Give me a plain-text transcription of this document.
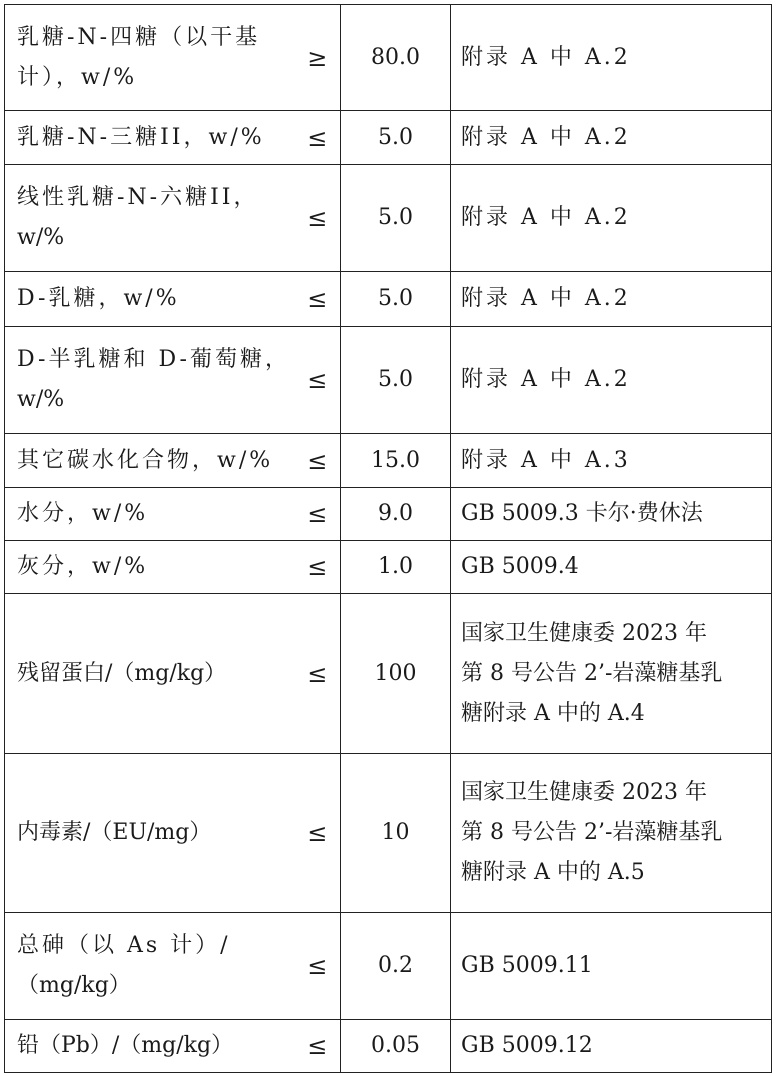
乳糖-N-四糖（以干基
计），w/%	≥	80.0	附录 A 中 A.2
乳糖-N-三糖II，w/%	≤	5.0	附录 A 中 A.2
线性乳糖-N-六糖II，
w/%	≤	5.0	附录 A 中 A.2
D-乳糖，w/%	≤	5.0	附录 A 中 A.2
D-半乳糖和 D-葡萄糖，
w/%	≤	5.0	附录 A 中 A.2
其它碳水化合物，w/%	≤	15.0	附录 A 中 A.3
水分，w/%	≤	9.0	GB 5009.3 卡尔·费休法
灰分，w/%	≤	1.0	GB 5009.4
残留蛋白/（mg/kg）	≤	100	国家卫生健康委 2023 年
第 8 号公告 2’-岩藻糖基乳
糖附录 A 中的 A.4
内毒素/（EU/mg）	≤	10	国家卫生健康委 2023 年
第 8 号公告 2’-岩藻糖基乳
糖附录 A 中的 A.5
总砷（以 As 计）/
（mg/kg）	≤	0.2	GB 5009.11
铅（Pb）/（mg/kg）	≤	0.05	GB 5009.12
